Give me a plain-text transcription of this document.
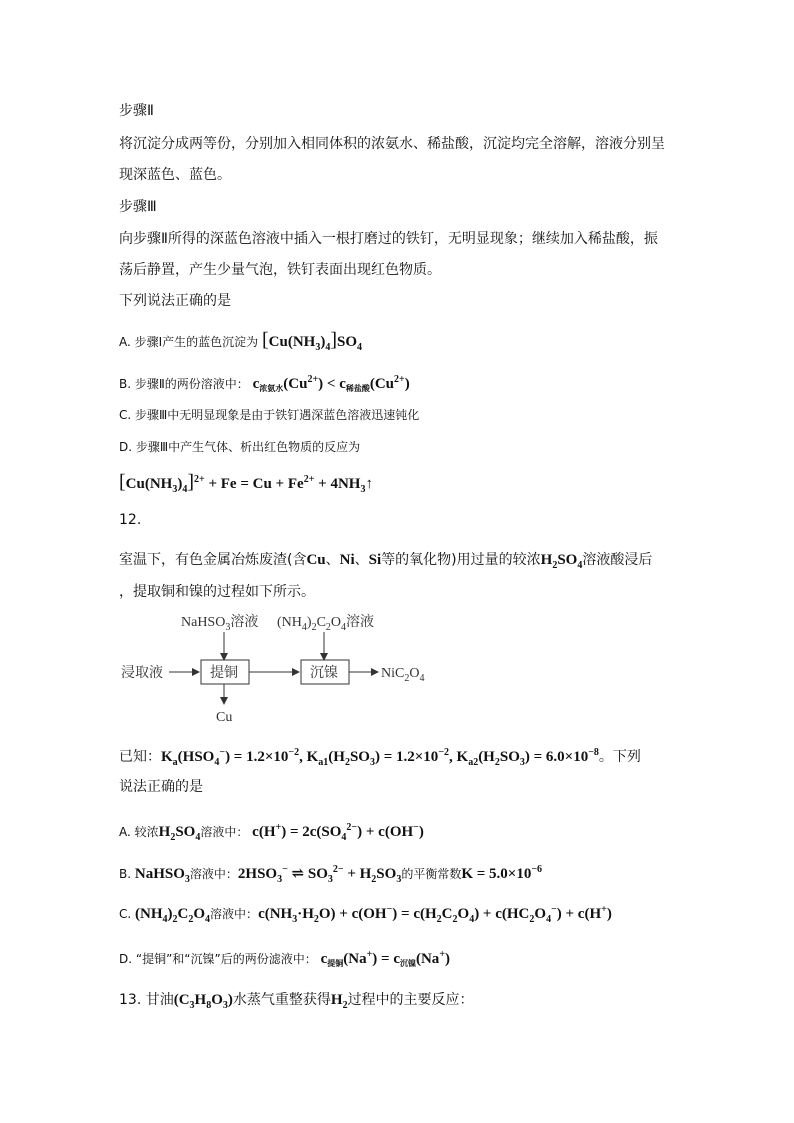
步骤Ⅱ
将沉淀分成两等份，分别加入相同体积的浓氨水、稀盐酸，沉淀均完全溶解，溶液分别呈
现深蓝色、蓝色。
步骤Ⅲ
向步骤Ⅱ所得的深蓝色溶液中插入一根打磨过的铁钉，无明显现象；继续加入稀盐酸，振
荡后静置，产生少量气泡，铁钉表面出现红色物质。
下列说法正确的是
A. 步骤Ⅰ产生的蓝色沉淀为 $[Cu(NH_3)_4]SO_4$
B. 步骤Ⅱ的两份溶液中： $c_{浓氨水}(Cu^{2+}) < c_{稀盐酸}(Cu^{2+})$
C. 步骤Ⅲ中无明显现象是由于铁钉遇深蓝色溶液迅速钝化
D. 步骤Ⅲ中产生气体、析出红色物质的反应为
$[Cu(NH_3)_4]^{2+} + Fe = Cu + Fe^{2+}$ + $4NH_3↑$
12.
室温下，有色金属冶炼废渣(含Cu、Ni、Si等的氧化物)用过量的较浓$H_2SO_4$溶液酸浸后
，提取铜和镍的过程如下所示。
NaHSO$_3$溶液 $(NH_4)_2C_2O_4$溶液
浸取液	提铜	沉镍	$NiC_2O_4$
Cu
已知：$K_a(HSO_4^-) = 1.2\times 10^{-2}$, $K_{a1}(H_2SO_3) = 1.2\times 10^{-2}$, $K_{a2}(H_2SO_3) = 6.0\times 10^{-8}$。下列
说法正确的是
A. 较浓$H_2SO_4$溶液中： $c(H^+) = 2c(SO_4^{2-}) + c(OH^-)$
B. NaHSO$_3$溶液中：$2HSO_3^-$ ⇌ $SO_3^{2-} + H_2SO_3$的平衡常数$K = 5.0\times 10^{-6}$
C. $(NH_4)_2C_2O_4$溶液中：$c(NH_3\cdot H_2O) + c(OH^-) = c(H_2C_2O_4) + c(HC_2O_4^-) + c(H^+)$
D. “提铜”和“沉镍”后的两份滤液中： $c_{提铜}(Na^+) = c_{沉镍}(Na^+)$
13. 甘油$(C_3H_8O_3)$水蒸气重整获得$H_2$过程中的主要反应：
